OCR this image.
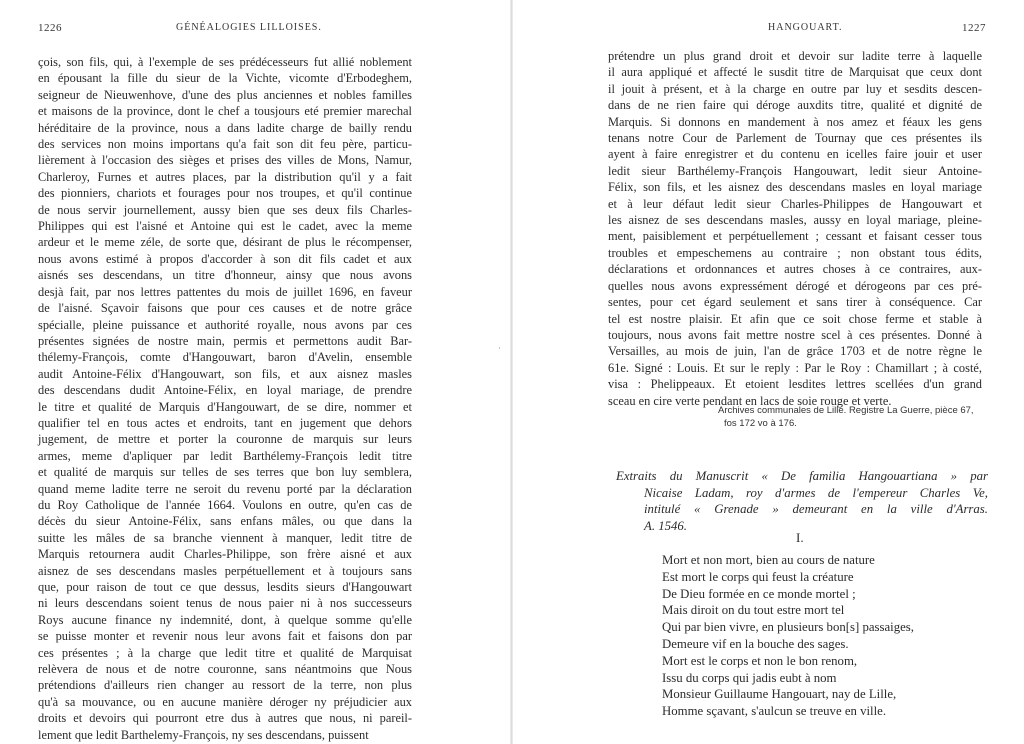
1226	GÉNÉALOGIES LILLOISES.
çois, son fils, qui, à l'exemple de ses prédécesseurs fut allié noblement
en épousant la fille du sieur de la Vichte, vicomte d'Erbodeghem,
seigneur de Nieuwenhove, d'une des plus anciennes et nobles familles
et maisons de la province, dont le chef a tousjours eté premier marechal
héréditaire de la province, nous a dans ladite charge de bailly rendu
des services non moins importans qu'a fait son dit feu père, particu-
lièrement à l'occasion des sièges et prises des villes de Mons, Namur,
Charleroy, Furnes et autres places, par la distribution qu'il y a fait
des pionniers, chariots et fourages pour nos troupes, et qu'il continue
de nous servir journellement, aussy bien que ses deux fils Charles-
Philippes qui est l'aisné et Antoine qui est le cadet, avec la meme
ardeur et le meme zéle, de sorte que, désirant de plus le récompenser,
nous avons estimé à propos d'accorder à son dit fils cadet et aux
aisnés ses descendans, un titre d'honneur, ainsy que nous avons
desjà fait, par nos lettres pattentes du mois de juillet 1696, en faveur
de l'aisné. Sçavoir faisons que pour ces causes et de notre grâce
spécialle, pleine puissance et authorité royalle, nous avons par ces
présentes signées de nostre main, permis et permettons audit Bar-
thélemy-François, comte d'Hangouwart, baron d'Avelin, ensemble
audit Antoine-Félix d'Hangouwart, son fils, et aux aisnez masles
des descendans dudit Antoine-Félix, en loyal mariage, de prendre
le titre et qualité de Marquis d'Hangouwart, de se dire, nommer et
qualifier tel en tous actes et endroits, tant en jugement que dehors
jugement, de mettre et porter la couronne de marquis sur leurs
armes, meme d'apliquer par ledit Barthélemy-François ledit titre
et qualité de marquis sur telles de ses terres que bon luy semblera,
quand meme ladite terre ne seroit du revenu porté par la déclaration
du Roy Catholique de l'année 1664. Voulons en outre, qu'en cas de
décès du sieur Antoine-Félix, sans enfans mâles, ou que dans la
suitte les mâles de sa branche viennent à manquer, ledit titre de
Marquis retournera audit Charles-Philippe, son frère aisné et aux
aisnez de ses descendans masles perpétuellement et à toujours sans
que, pour raison de tout ce que dessus, lesdits sieurs d'Hangouwart
ni leurs descendans soient tenus de nous paier ni à nos successeurs
Roys aucune finance ny indemnité, dont, à quelque somme qu'elle
se puisse monter et revenir nous leur avons fait et faisons don par
ces présentes ; à la charge que ledit titre et qualité de Marquisat
relèvera de nous et de notre couronne, sans néantmoins que Nous
prétendions d'ailleurs rien changer au ressort de la terre, non plus
qu'à sa mouvance, ou en aucune manière déroger ny préjudicier aux
droits et devoirs qui pourront etre dus à autres que nous, ni pareil-
lement que ledit Barthelemy-François, ny ses descendans, puissent
·
HANGOUART.	1227
prétendre un plus grand droit et devoir sur ladite terre à laquelle
il aura appliqué et affecté le susdit titre de Marquisat que ceux dont
il jouit à présent, et à la charge en outre par luy et sesdits descen-
dans de ne rien faire qui déroge auxdits titre, qualité et dignité de
Marquis. Si donnons en mandement à nos amez et féaux les gens
tenans notre Cour de Parlement de Tournay que ces présentes ils
ayent à faire enregistrer et du contenu en icelles faire jouir et user
ledit sieur Barthélemy-François Hangouwart, ledit sieur Antoine-
Félix, son fils, et les aisnez des descendans masles en loyal mariage
et à leur défaut ledit sieur Charles-Philippes de Hangouwart et
les aisnez de ses descendans masles, aussy en loyal mariage, pleine-
ment, paisiblement et perpétuellement ; cessant et faisant cesser tous
troubles et empeschemens au contraire ; non obstant tous édits,
déclarations et ordonnances et autres choses à ce contraires, aux-
quelles nous avons expressément dérogé et dérogeons par ces pré-
sentes, pour cet égard seulement et sans tirer à conséquence. Car
tel est nostre plaisir. Et afin que ce soit chose ferme et stable à
toujours, nous avons fait mettre nostre scel à ces présentes. Donné à
Versailles, au mois de juin, l'an de grâce 1703 et de notre règne le
61e. Signé : Louis. Et sur le reply : Par le Roy : Chamillart ; à costé,
visa : Phelippeaux. Et etoient lesdites lettres scellées d'un grand
sceau en cire verte pendant en lacs de soie rouge et verte.
Archives communales de Lille. Registre La Guerre, pièce 67,
fos 172 vo à 176.
Extraits du Manuscrit « De familia Hangouartiana » par
Nicaise Ladam, roy d'armes de l'empereur Charles Ve,
intitulé « Grenade » demeurant en la ville d'Arras.
A. 1546.
I.
Mort et non mort, bien au cours de nature
Est mort le corps qui feust la créature
De Dieu formée en ce monde mortel ;
Mais diroit on du tout estre mort tel
Qui par bien vivre, en plusieurs bon[s] passaiges,
Demeure vif en la bouche des sages.
Mort est le corps et non le bon renom,
Issu du corps qui jadis eubt à nom
Monsieur Guillaume Hangouart, nay de Lille,
Homme sçavant, s'aulcun se treuve en ville.
